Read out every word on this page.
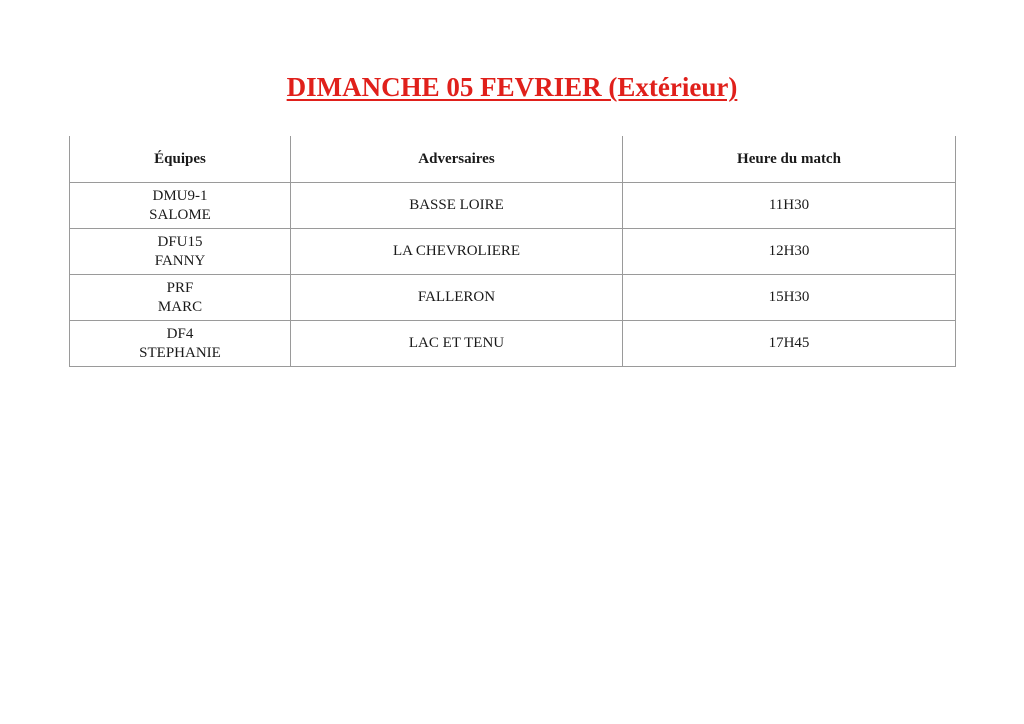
DIMANCHE 05 FEVRIER (Extérieur)
Équipes	Adversaires	Heure du match

DMU9-1
SALOME	BASSE LOIRE	11H30

DFU15
FANNY	LA CHEVROLIERE	12H30

PRF
MARC	FALLERON	15H30

DF4
STEPHANIE	LAC ET TENU	17H45
